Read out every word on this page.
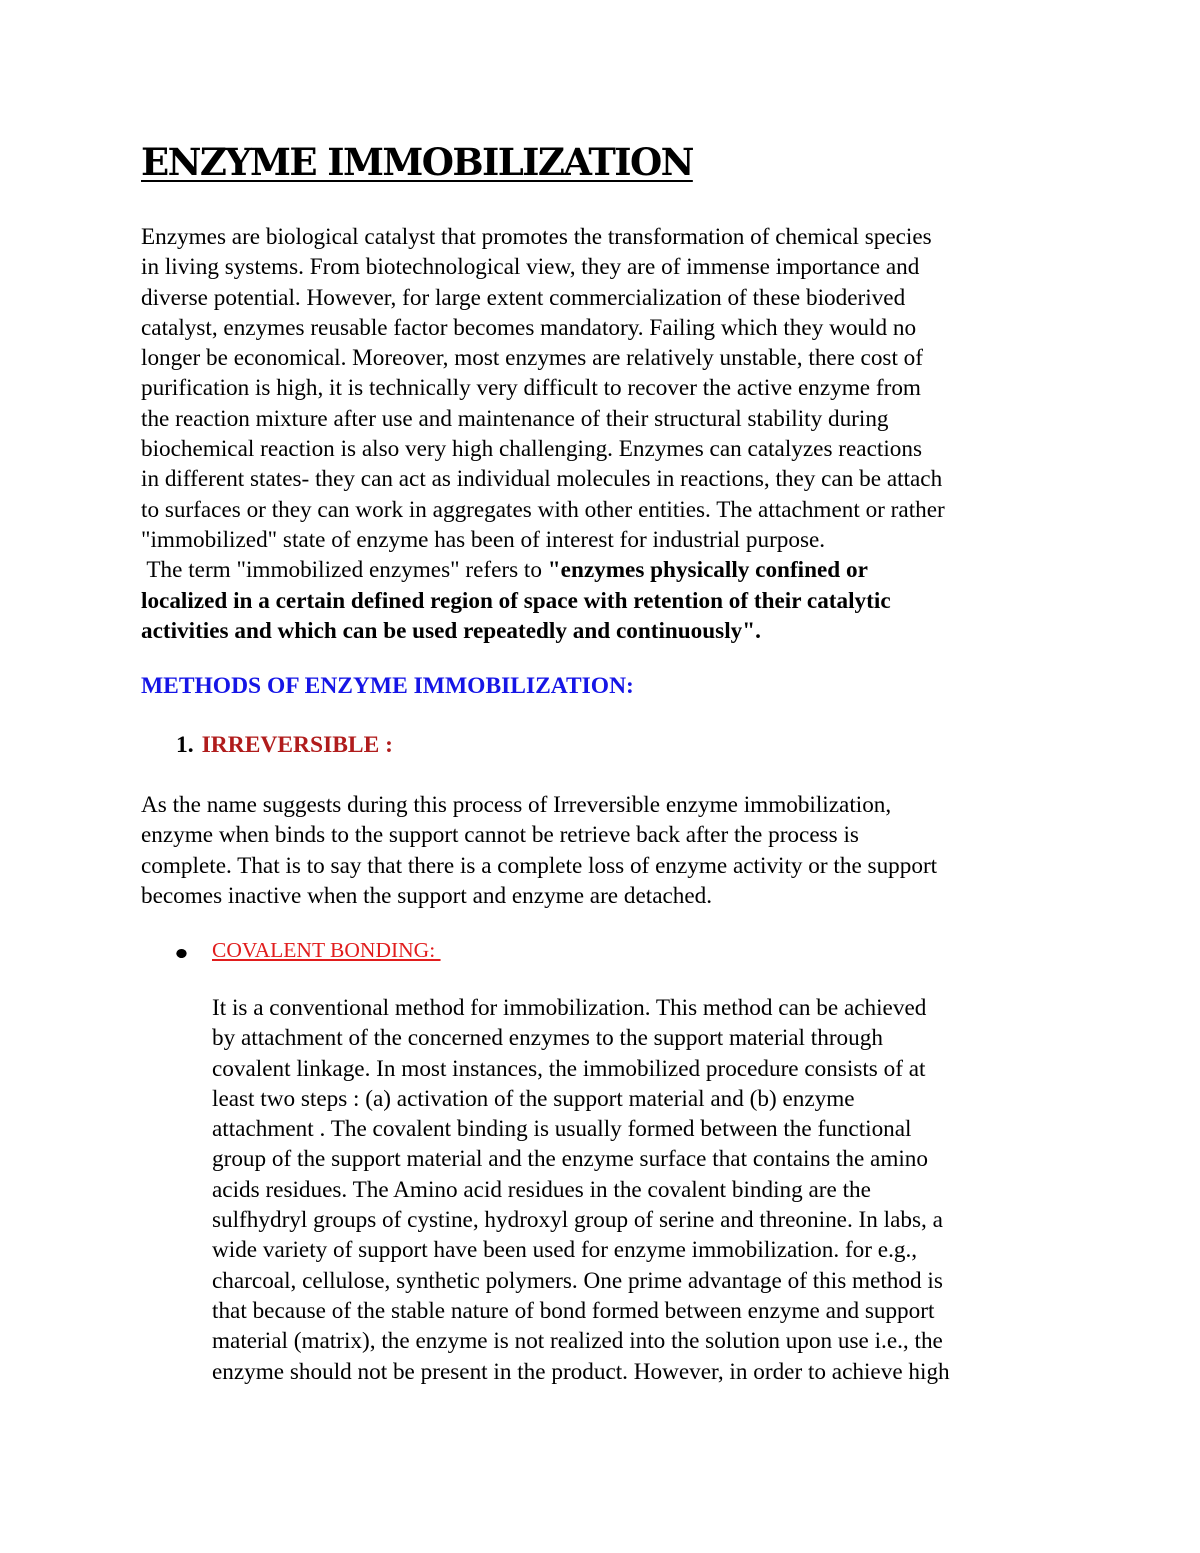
ENZYME IMMOBILIZATION
Enzymes are biological catalyst that promotes the transformation of chemical species
in living systems. From biotechnological view, they are of immense importance and
diverse potential. However, for large extent commercialization of these bioderived
catalyst, enzymes reusable factor becomes mandatory. Failing which they would no
longer be economical. Moreover, most enzymes are relatively unstable, there cost of
purification is high, it is technically very difficult to recover the active enzyme from
the reaction mixture after use and maintenance of their structural stability during
biochemical reaction is also very high challenging. Enzymes can catalyzes reactions
in different states- they can act as individual molecules in reactions, they can be attach
to surfaces or they can work in aggregates with other entities. The attachment or rather
"immobilized" state of enzyme has been of interest for industrial purpose.
The term "immobilized enzymes" refers to "enzymes physically confined or
localized in a certain defined region of space with retention of their catalytic
activities and which can be used repeatedly and continuously".
METHODS OF ENZYME IMMOBILIZATION:
1. IRREVERSIBLE :
As the name suggests during this process of Irreversible enzyme immobilization,
enzyme when binds to the support cannot be retrieve back after the process is
complete. That is to say that there is a complete loss of enzyme activity or the support
becomes inactive when the support and enzyme are detached.
COVALENT BONDING:
It is a conventional method for immobilization. This method can be achieved
by attachment of the concerned enzymes to the support material through
covalent linkage. In most instances, the immobilized procedure consists of at
least two steps : (a) activation of the support material and (b) enzyme
attachment . The covalent binding is usually formed between the functional
group of the support material and the enzyme surface that contains the amino
acids residues. The Amino acid residues in the covalent binding are the
sulfhydryl groups of cystine, hydroxyl group of serine and threonine. In labs, a
wide variety of support have been used for enzyme immobilization. for e.g.,
charcoal, cellulose, synthetic polymers. One prime advantage of this method is
that because of the stable nature of bond formed between enzyme and support
material (matrix), the enzyme is not realized into the solution upon use i.e., the
enzyme should not be present in the product. However, in order to achieve high
